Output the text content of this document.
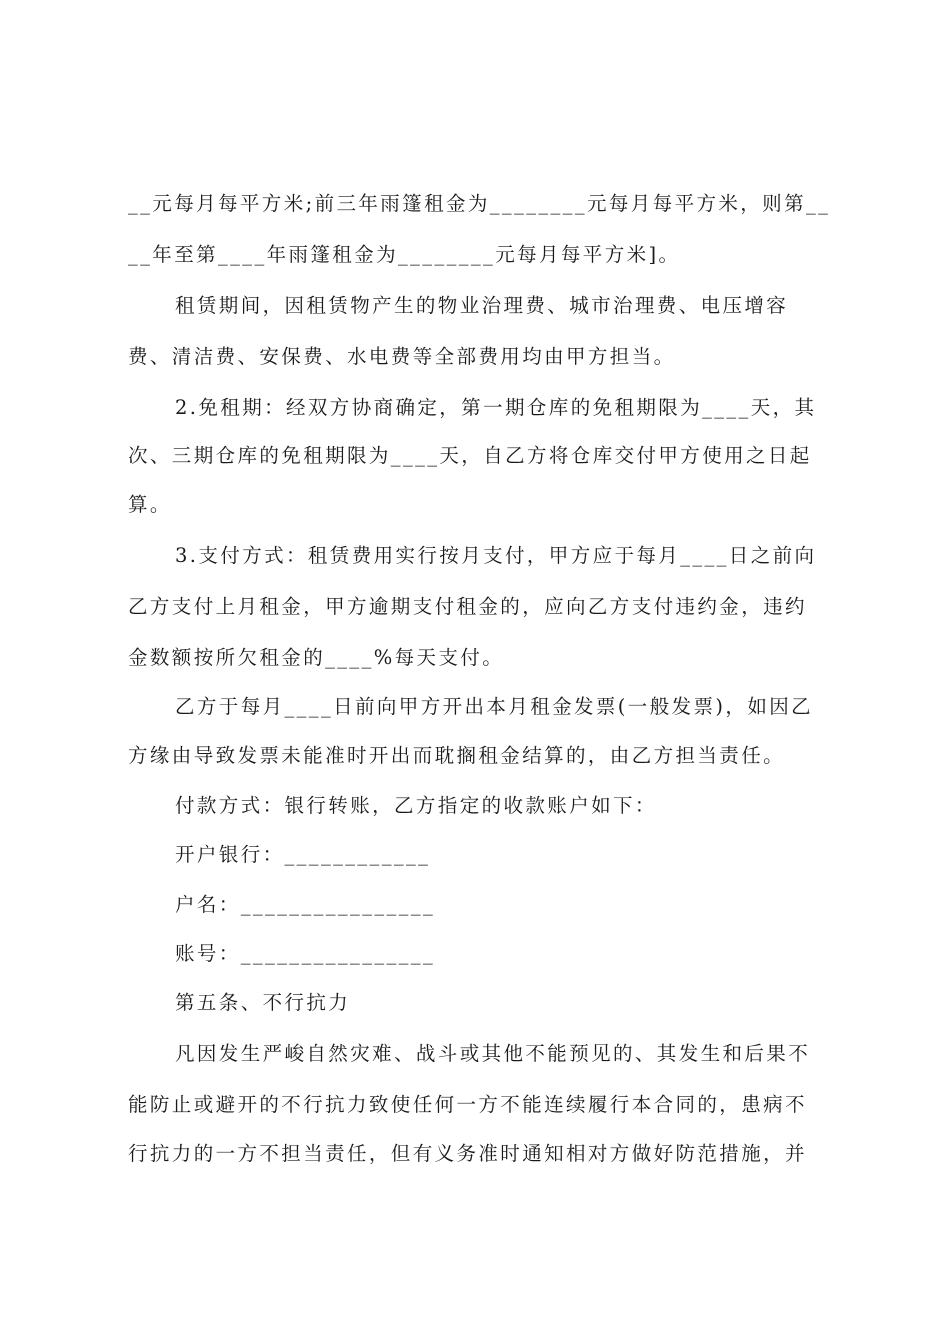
__元每月每平方米;前三年雨篷租金为________元每月每平方米，则第__
__年至第____年雨篷租金为________元每月每平方米]。
租赁期间，因租赁物产生的物业治理费、城市治理费、电压增容
费、清洁费、安保费、水电费等全部费用均由甲方担当。
2.免租期：经双方协商确定，第一期仓库的免租期限为____天，其
次、三期仓库的免租期限为____天，自乙方将仓库交付甲方使用之日起
算。
3.支付方式：租赁费用实行按月支付，甲方应于每月____日之前向
乙方支付上月租金，甲方逾期支付租金的，应向乙方支付违约金，违约
金数额按所欠租金的____%每天支付。
乙方于每月____日前向甲方开出本月租金发票(一般发票)，如因乙
方缘由导致发票未能准时开出而耽搁租金结算的，由乙方担当责任。
付款方式：银行转账，乙方指定的收款账户如下：
开户银行：____________
户名：________________
账号：________________
第五条、不行抗力
凡因发生严峻自然灾难、战斗或其他不能预见的、其发生和后果不
能防止或避开的不行抗力致使任何一方不能连续履行本合同的，患病不
行抗力的一方不担当责任，但有义务准时通知相对方做好防范措施，并
